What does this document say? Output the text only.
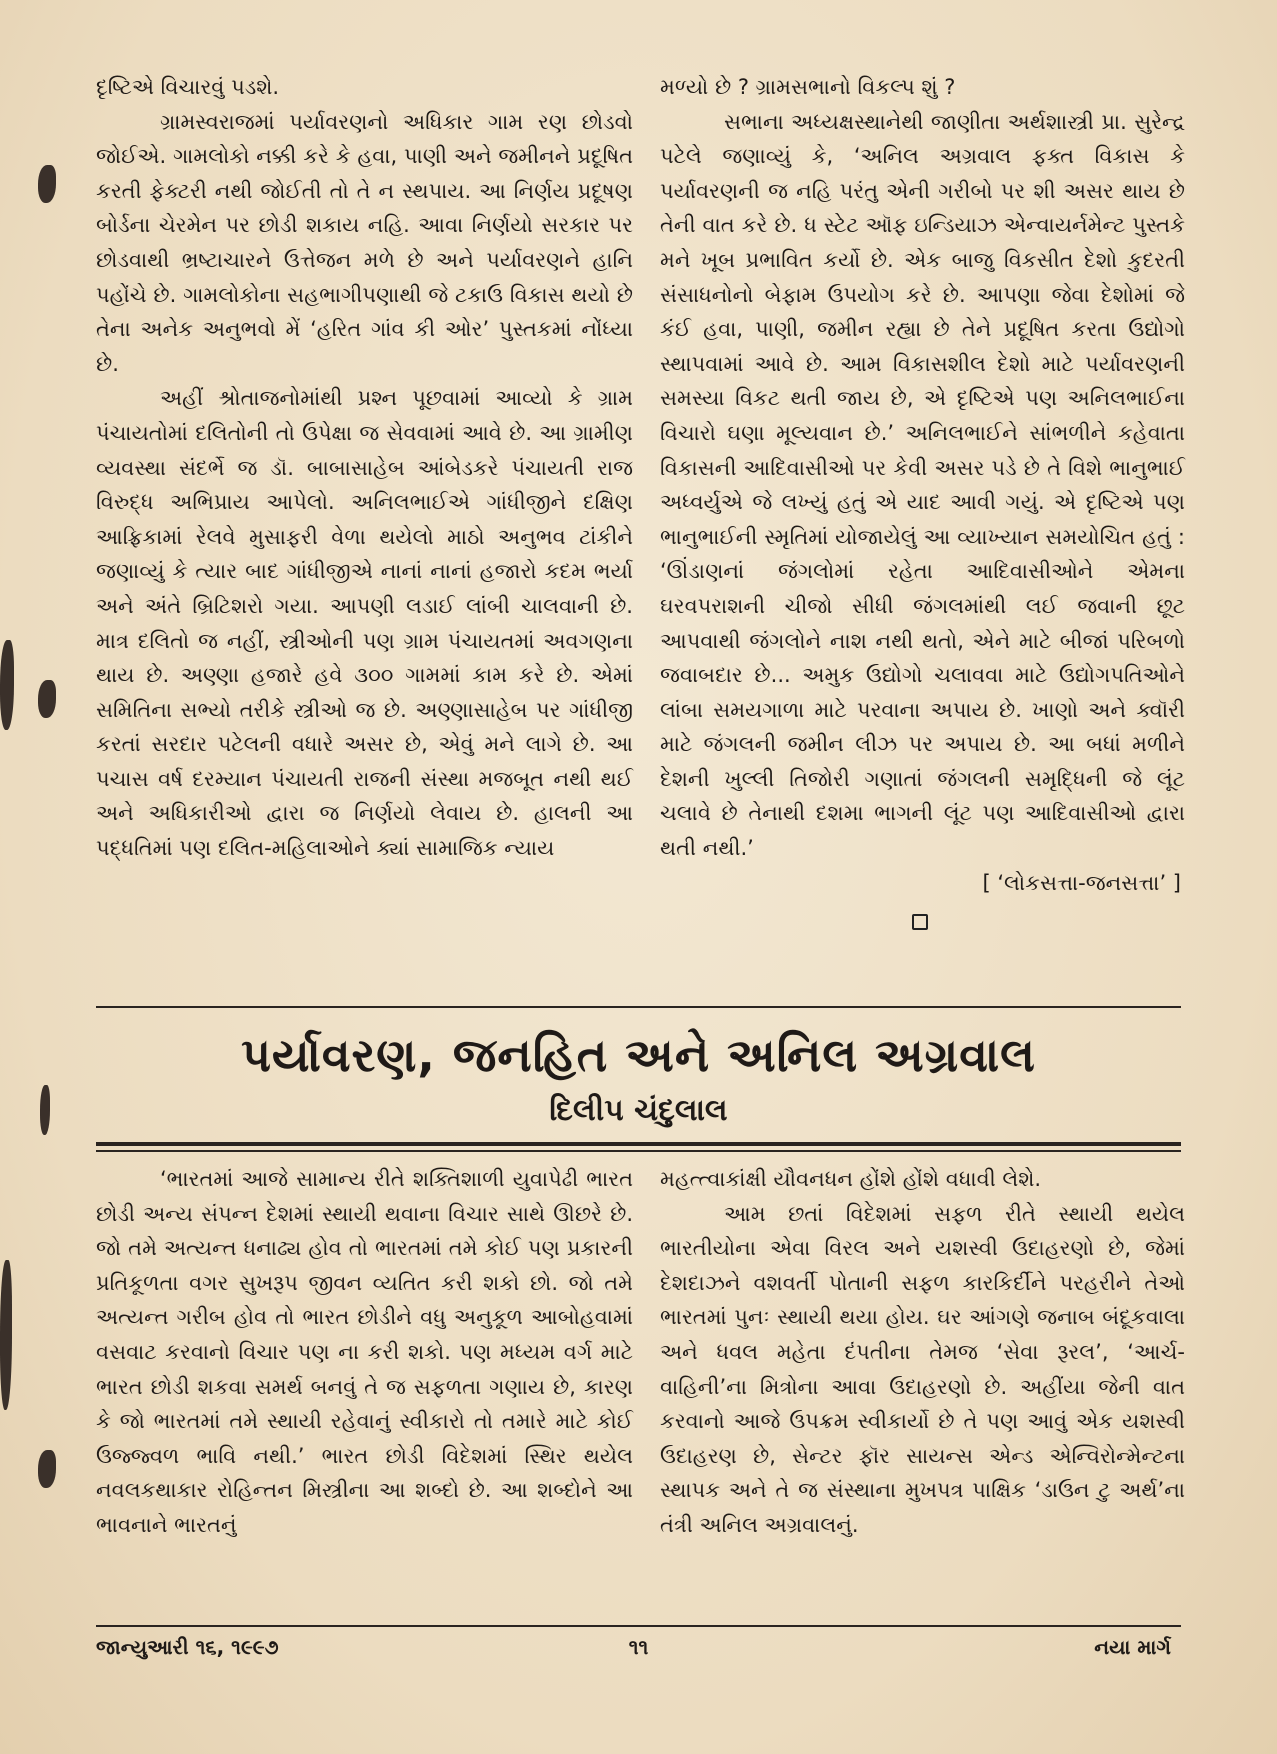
દૃષ્ટિએ વિચારવું પડશે.

ગ્રામસ્વરાજમાં પર્યાવરણનો અધિકાર ગામ રણ છોડવો જોઈએ. ગામલોકો નક્કી કરે કે હવા, પાણી અને જમીનને પ્રદૂષિત કરતી ફેક્ટરી નથી જોઈતી તો તે ન સ્થપાય. આ નિર્ણય પ્રદૂષણ બોર્ડના ચેરમેન પર છોડી શકાય નહિ. આવા નિર્ણયો સરકાર પર છોડવાથી ભ્રષ્ટાચારને ઉત્તેજન મળે છે અને પર્યાવરણને હાનિ પહોંચે છે. ગામલોકોના સહભાગીપણાથી જે ટકાઉ વિકાસ થયો છે તેના અનેક અનુભવો મેં ‘હરિત ગાંવ કી ઓર’ પુસ્તકમાં નોંધ્યા છે.

અહીં શ્રોતાજનોમાંથી પ્રશ્ન પૂછવામાં આવ્યો કે ગ્રામ પંચાયતોમાં દલિતોની તો ઉપેક્ષા જ સેવવામાં આવે છે. આ ગ્રામીણ વ્યવસ્થા સંદર્ભે જ ડૉ. બાબાસાહેબ આંબેડકરે પંચાયતી રાજ વિરુદ્ધ અભિપ્રાય આપેલો. અનિલભાઈએ ગાંધીજીને દક્ષિણ આફ્રિકામાં રેલવે મુસાફરી વેળા થયેલો માઠો અનુભવ ટાંકીને જણાવ્યું કે ત્યાર બાદ ગાંધીજીએ નાનાં નાનાં હજારો કદમ ભર્યા અને અંતે બ્રિટિશરો ગયા. આપણી લડાઈ લાંબી ચાલવાની છે. માત્ર દલિતો જ નહીં, સ્ત્રીઓની પણ ગ્રામ પંચાયતમાં અવગણના થાય છે. અણ્ણા હજારે હવે ૩૦૦ ગામમાં કામ કરે છે. એમાં સમિતિના સભ્યો તરીકે સ્ત્રીઓ જ છે. અણ્ણાસાહેબ પર ગાંધીજી કરતાં સરદાર પટેલની વધારે અસર છે, એવું મને લાગે છે. આ પચાસ વર્ષ દરમ્યાન પંચાયતી રાજની સંસ્થા મજબૂત નથી થઈ અને અધિકારીઓ દ્વારા જ નિર્ણયો લેવાય છે. હાલની આ પદ્ધતિમાં પણ દલિત-મહિલાઓને ક્યાં સામાજિક ન્યાય

મળ્યો છે ? ગ્રામસભાનો વિકલ્પ શું ?

સભાના અધ્યક્ષસ્થાનેથી જાણીતા અર્થશાસ્ત્રી પ્રા. સુરેન્દ્ર પટેલે જણાવ્યું કે, ‘અનિલ અગ્રવાલ ફક્ત વિકાસ કે પર્યાવરણની જ નહિ પરંતુ એની ગરીબો પર શી અસર થાય છે તેની વાત કરે છે. ધ સ્ટેટ ઑફ ઇન્ડિયાઝ એન્વાયર્નમેન્ટ પુસ્તકે મને ખૂબ પ્રભાવિત કર્યો છે. એક બાજુ વિકસીત દેશો કુદરતી સંસાધનોનો બેફામ ઉપયોગ કરે છે. આપણા જેવા દેશોમાં જે કંઈ હવા, પાણી, જમીન રહ્યા છે તેને પ્રદૂષિત કરતા ઉદ્યોગો સ્થાપવામાં આવે છે. આમ વિકાસશીલ દેશો માટે પર્યાવરણની સમસ્યા વિકટ થતી જાય છે, એ દૃષ્ટિએ પણ અનિલભાઈના વિચારો ઘણા મૂલ્યવાન છે.’ અનિલભાઈને સાંભળીને કહેવાતા વિકાસની આદિવાસીઓ પર કેવી અસર પડે છે તે વિશે ભાનુભાઈ અધ્વર્યુએ જે લખ્યું હતું એ યાદ આવી ગયું. એ દૃષ્ટિએ પણ ભાનુભાઈની સ્મૃતિમાં યોજાયેલું આ વ્યાખ્યાન સમયોચિત હતું : ‘ઊંડાણનાં જંગલોમાં રહેતા આદિવાસીઓને એમના ઘરવપરાશની ચીજો સીધી જંગલમાંથી લઈ જવાની છૂટ આપવાથી જંગલોને નાશ નથી થતો, એને માટે બીજાં પરિબળો જવાબદાર છે... અમુક ઉદ્યોગો ચલાવવા માટે ઉદ્યોગપતિઓને લાંબા સમયગાળા માટે પરવાના અપાય છે. ખાણો અને ક્વૉરી માટે જંગલની જમીન લીઝ પર અપાય છે. આ બધાં મળીને દેશની ખુલ્લી તિજોરી ગણાતાં જંગલની સમૃદ્ધિની જે લૂંટ ચલાવે છે તેનાથી દશમા ભાગની લૂંટ પણ આદિવાસીઓ દ્વારા થતી નથી.’

[ ‘લોકસત્તા-જનસત્તા’ ]

પર્યાવરણ, જનહિત અને અનિલ અગ્રવાલ

દિલીપ ચંદુલાલ

‘ભારતમાં આજે સામાન્ય રીતે શક્તિશાળી યુવાપેઢી ભારત છોડી અન્ય સંપન્ન દેશમાં સ્થાયી થવાના વિચાર સાથે ઊછરે છે. જો તમે અત્યન્ત ધનાઢ્ય હોવ તો ભારતમાં તમે કોઈ પણ પ્રકારની પ્રતિકૂળતા વગર સુખરૂપ જીવન વ્યતિત કરી શકો છો. જો તમે અત્યન્ત ગરીબ હોવ તો ભારત છોડીને વધુ અનુકૂળ આબોહવામાં વસવાટ કરવાનો વિચાર પણ ના કરી શકો. પણ મધ્યમ વર્ગ માટે ભારત છોડી શકવા સમર્થ બનવું તે જ સફળતા ગણાય છે, કારણ કે જો ભારતમાં તમે સ્થાયી રહેવાનું સ્વીકારો તો તમારે માટે કોઈ ઉજ્જ્વળ ભાવિ નથી.’ ભારત છોડી વિદેશમાં સ્થિર થયેલ નવલકથાકાર રોહિન્તન મિસ્ત્રીના આ શબ્દો છે. આ શબ્દોને આ ભાવનાને ભારતનું

મહત્ત્વાકાંક્ષી યૌવનધન હોંશે હોંશે વધાવી લેશે.

આમ છતાં વિદેશમાં સફળ રીતે સ્થાયી થયેલ ભારતીયોના એવા વિરલ અને યશસ્વી ઉદાહરણો છે, જેમાં દેશદાઝને વશવર્તી પોતાની સફળ કારકિર્દીને પરહરીને તેઓ ભારતમાં પુનઃ સ્થાયી થયા હોય. ઘર આંગણે જનાબ બંદૂકવાલા અને ધવલ મહેતા દંપતીના તેમજ ‘સેવા રૂરલ’, ‘આર્ચ-વાહિની’ના મિત્રોના આવા ઉદાહરણો છે. અહીંયા જેની વાત કરવાનો આજે ઉપક્રમ સ્વીકાર્યો છે તે પણ આવું એક યશસ્વી ઉદાહરણ છે, સેન્ટર ફૉર સાયન્સ એન્ડ એન્વિરોન્મેન્ટના સ્થાપક અને તે જ સંસ્થાના મુખપત્ર પાક્ષિક ‘ડાઉન ટુ અર્થ’ના તંત્રી અનિલ અગ્રવાલનું.

જાન્યુઆરી ૧૬, ૧૯૯૭	૧૧	નયા માર્ગ
